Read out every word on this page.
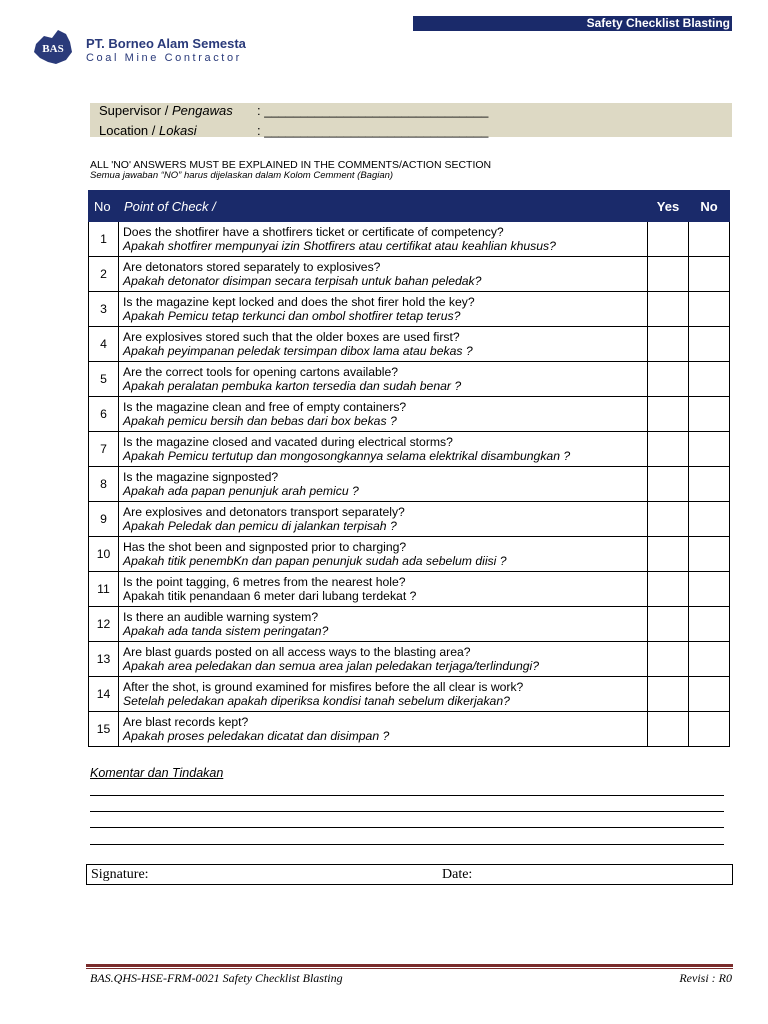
Safety Checklist Blasting
BAS PT. Borneo Alam Semesta
Coal Mine Contractor
Supervisor / Pengawas : _______________________________
Location / Lokasi	: _______________________________
ALL 'NO' ANSWERS MUST BE EXPLAINED IN THE COMMENTS/ACTION SECTION
Semua jawaban “NO” harus dijelaskan dalam Kolom Cemment (Bagian)
No	Point of Check /	Yes	No
1	Does the shotfirer have a shotfirers ticket or certificate of competency?
Apakah shotfirer mempunyai izin Shotfirers atau certifikat atau keahlian khusus?		

2	Are detonators stored separately to explosives?
Apakah detonator disimpan secara terpisah untuk bahan peledak?		

3	Is the magazine kept locked and does the shot firer hold the key?
Apakah Pemicu tetap terkunci dan ombol shotfirer tetap terus?		

4	Are explosives stored such that the older boxes are used first?
Apakah peyimpanan peledak tersimpan dibox lama atau bekas ?		

5	Are the correct tools for opening cartons available?
Apakah peralatan pembuka karton tersedia dan sudah benar ?		

6	Is the magazine clean and free of empty containers?
Apakah pemicu bersih dan bebas dari box bekas ?		

7	Is the magazine closed and vacated during electrical storms?
Apakah Pemicu tertutup dan mongosongkannya selama elektrikal disambungkan ?		

8	Is the magazine signposted?
Apakah ada papan penunjuk arah pemicu ?		

9	Are explosives and detonators transport separately?
Apakah Peledak dan pemicu di jalankan terpisah ?		

10	Has the shot been and signposted prior to charging?
Apakah titik penembKn dan papan penunjuk sudah ada sebelum diisi ?		

11	Is the point tagging, 6 metres from the nearest hole?
Apakah titik penandaan 6 meter dari lubang terdekat ?		

12	Is there an audible warning system?
Apakah ada tanda sistem peringatan?		

13	Are blast guards posted on all access ways to the blasting area?
Apakah area peledakan dan semua area jalan peledakan terjaga/terlindungi?		

14	After the shot, is ground examined for misfires before the all clear is work?
Setelah peledakan apakah diperiksa kondisi tanah sebelum dikerjakan?		

15	Are blast records kept?
Apakah proses peledakan dicatat dan disimpan ?		

Komentar dan Tindakan
Signature:	Date:
BAS.QHS-HSE-FRM-0021 Safety Checklist Blasting	Revisi : R0
